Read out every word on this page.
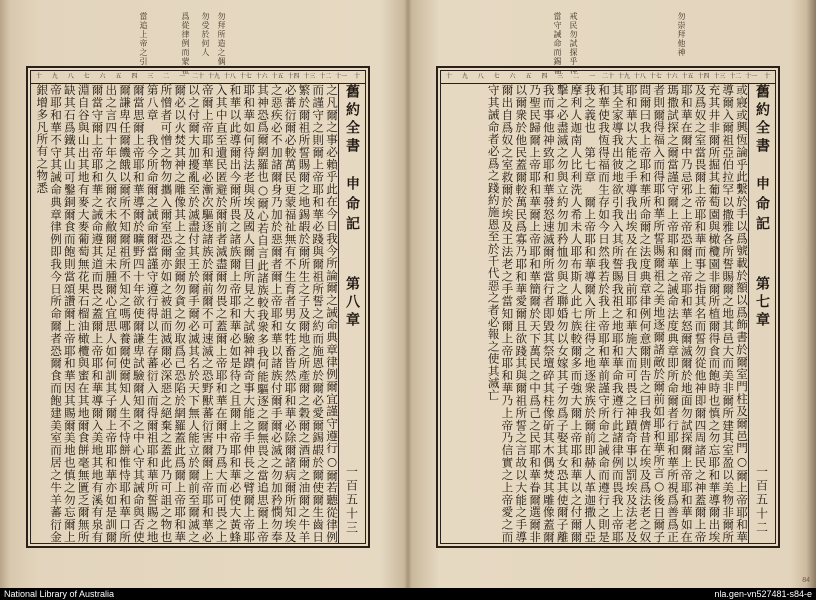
爲從律例而蒙祉 勿受於何人 勿拜所造之偶
當追上帝之引
十
十一
十二
十三
十四
十五
十六
十七
十八
十九
二十
一
二
三
四
五
六
七
八
九
十
舊約全書
申命記
第八章
一百五十三

之凡爾之事必賴乎此在今日我今所論爾之誡命典章律例爾宜謹守遵行○爾若聽從律例而謹守之則爾上帝耶和華必踐與爾祖所誓之約而施恩於爾必愛爾錫嘏於爾使爾生齒日繁於爾祖所誓賜爾之地錫嘏於爾所生之子及爾地之所產爾之穀爾之酒爾之油爾之牛羊必蕃衍爾必較萬民更蒙福祉無有不生育者男女牲畜皆然耶和華必除爾諸病爾所知埃及之惡疾必不加諸爾身乃加於惡爾者爾上帝耶和華以諸族付爾手爾必滅之勿加矜憫勿奉其神恐爲爾網羅也○爾心若自言此諸族較我衆多我何能驅逐之爾無畏之當追思爾上帝耶和華如何待法老與埃及國人爾目所見之大試驗神蹟奇事大能之手伸長之臂爾上帝耶和華以此導爾出今爾所畏之諸族爾上帝耶和華必如是待之且爾上帝耶和華必使大黃蜂入其中直至遺民匿避於爾前者滅盡爾勿畏之蓋爾上帝耶和華在爾中乃爲大而可畏之上帝爾上帝耶和華必漸次驅逐諸族於爾前爾不可速滅之恐野獸蕃衍害爾爾上帝耶和華必以之付爾大加擾亂至於滅盡付其王於爾手爾必滅其名於天下無人能立於爾前至爾滅之爾必以火焚其神之雕像其上之金銀爾勿貪之勿取爲己恐陷於網羅蓋此爲爾上帝耶和華所憎者可憎之物勿攜入爾室恐爾亦如之被詛而滅爾必深惡之絕棄之蓋此乃可詛之物也　第八章　我今所命爾之誡命爾當謹守遵行得以生存蕃衍入而得爾祖耶和華所誓賜之地爾當思爾上帝耶和華導爾於曠野四十年欲使爾謙卑試驗爾知爾之中心守其誡命與否使爾謙卑任爾饑餓以爾所不知爾祖所不知之嗎哪養爾使爾知人生不恃餅惟恃耶和華口所出之言四十年之久爾衣未敝爾足未腫爾心宜思人如何訓其子爾上帝耶和華亦如是訓爾爾當守爾上帝耶和華之誡命遵其道而畏之蓋爾上帝耶和華導爾入美地其地有溪有泉有淵自谷與山出其地有麥大麥葡萄無花果石榴油橄欖與蜜在其地爾食餅毫無匱乏爾無所缺其石爲鐵其山可鑿銅爾食而飽則當頌讚爾上帝耶和華因其賜爾美地也慎之勿忘爾上帝耶和華不守其誡命典章律例即我今日所命爾者恐爾食而飽建美室而居之牛羊蕃衍金銀增多凡所有之物悉

勿崇拜他神
戒民勿試探乎神
當守誡命而錫福
十
十一
十二
十三
十四
十五
十六
十七
十八
十九
二十
一
二
三
四
五
六
七
八
九
十
舊約全書
申命記
第七章
一百五十二

或寢或興恆論乎此繫於手以爲號載於額以爲飾書於爾室門柱及爾邑門○爾上帝耶和華導爾入爾祖亞伯拉罕以撒雅各所誓賜爾之地其邑大而美非爾所建其室盈以美物非爾所充其井非爾所掘其葡萄園與橄欖園非爾所植爾得食而飽時也慎之勿忘耶和華導爾出埃及爲奴之室當畏爾上帝耶和華而事之指其名而誓勿從他神即爾四周諸民之神蓋爾上帝耶和華在爾中乃忌邪之上帝恐爾上帝耶和華怒爾滅爾於地面勿試探爾上帝耶和華如在瑪撒試探之爾當謹守爾上帝耶和華之誡命法度典章即所命爾者行耶和華所視爲善爲正者則爾得福入而得耶和華所誓賜爾祖之美地逐爾諸敵於爾前如耶和華所言○後日爾子問爾曰我上帝耶和華所命爾之法度典章律例何意爾則告之曰我儕昔在埃及爲法老之奴耶和華以大能之手導我出埃及在我目前耶和華施大而可畏之神蹟奇事以罰埃及法老及其全家導我出彼地欲引我入其所誓賜我祖之地耶和華命我遵行此諸律例而畏我上帝耶和華使我恆得福而生存如今日然我若於我上帝耶和華前謹守所命之誡命而遵行之則是我之義也　第七章　爾上帝耶和華導爾入所往得之地逐衆族於爾前即赫人革迦撒人亞摩利人迦南人比利洗人希未人耶布斯人此七族較爾多而強大爾上帝耶和華以之付爾爾擊之必盡滅之勿與立約勿加矜恤勿與之聯婚勿以女嫁其子勿爲子娶其女恐其使爾子離我而事他神致耶和華發怒速滅爾所當行者即毀其祭壇碎其柱像斫其木偶焚其雕像蓋爾乃聖民歸爾上帝耶和華爾上帝耶和華簡爾於天下萬民之中爲己之民耶和華眷爾選爾非以爾衆於他民蓋爾較萬民爲寡乃耶和華愛爾且欲踐其與爾祖所誓之言故以大能之手導爾出自爲奴之室救爾於埃及王法老之手當知爾上帝耶和華乃上帝乃信實之上帝愛之而守其誡命者必爲之踐約施恩至於千代惡之者必報之使其滅亡

84
National Library of Australia	nla.gen-vn527481-s84-e
